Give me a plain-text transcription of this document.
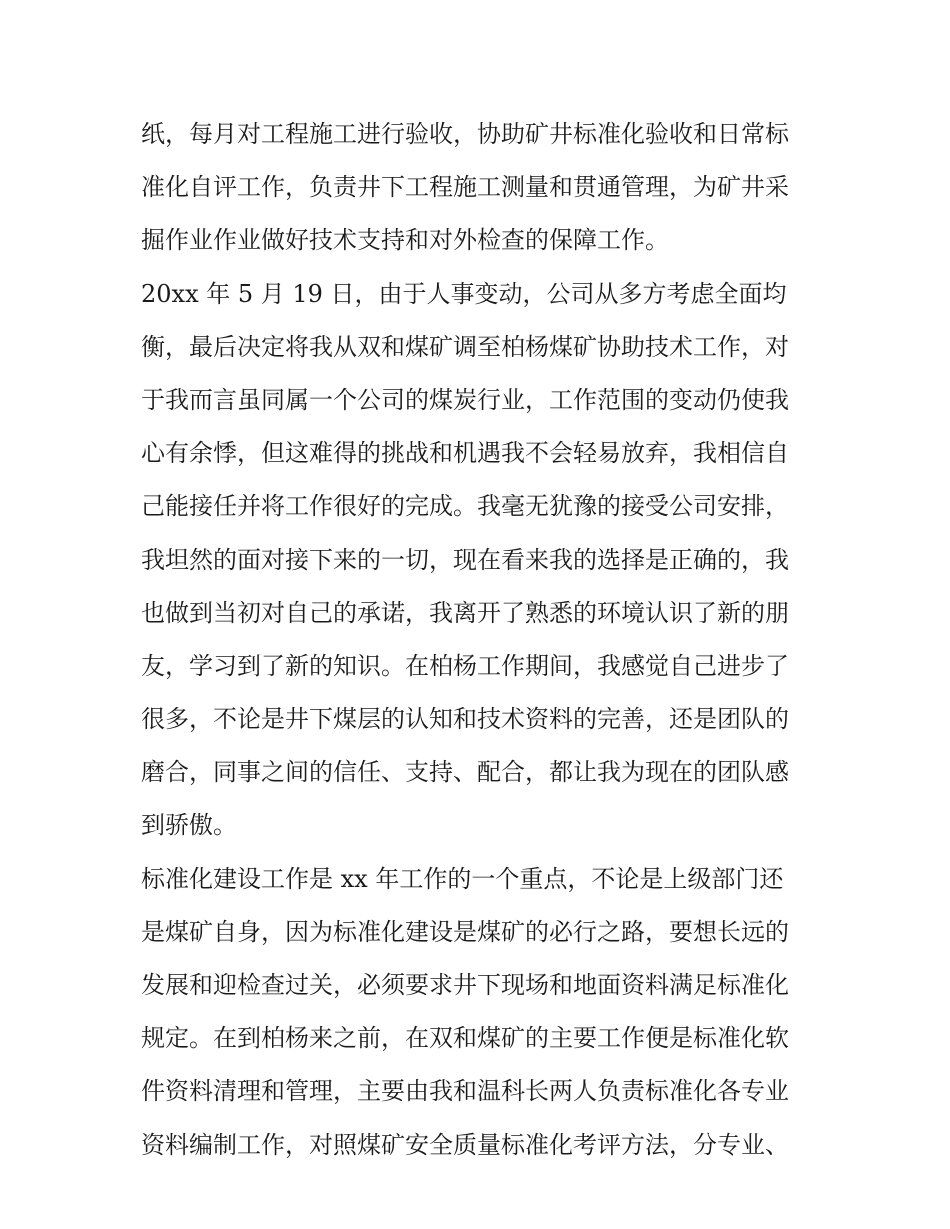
纸，每月对工程施工进行验收，协助矿井标准化验收和日常标
准化自评工作，负责井下工程施工测量和贯通管理，为矿井采
掘作业作业做好技术支持和对外检查的保障工作。
20xx 年 5 月 19 日，由于人事变动，公司从多方考虑全面均
衡，最后决定将我从双和煤矿调至柏杨煤矿协助技术工作，对
于我而言虽同属一个公司的煤炭行业，工作范围的变动仍使我
心有余悸，但这难得的挑战和机遇我不会轻易放弃，我相信自
己能接任并将工作很好的完成。我毫无犹豫的接受公司安排，
我坦然的面对接下来的一切，现在看来我的选择是正确的，我
也做到当初对自己的承诺，我离开了熟悉的环境认识了新的朋
友，学习到了新的知识。在柏杨工作期间，我感觉自己进步了
很多，不论是井下煤层的认知和技术资料的完善，还是团队的
磨合，同事之间的信任、支持、配合，都让我为现在的团队感
到骄傲。
标准化建设工作是 xx 年工作的一个重点，不论是上级部门还
是煤矿自身，因为标准化建设是煤矿的必行之路，要想长远的
发展和迎检查过关，必须要求井下现场和地面资料满足标准化
规定。在到柏杨来之前，在双和煤矿的主要工作便是标准化软
件资料清理和管理，主要由我和温科长两人负责标准化各专业
资料编制工作，对照煤矿安全质量标准化考评方法，分专业、
